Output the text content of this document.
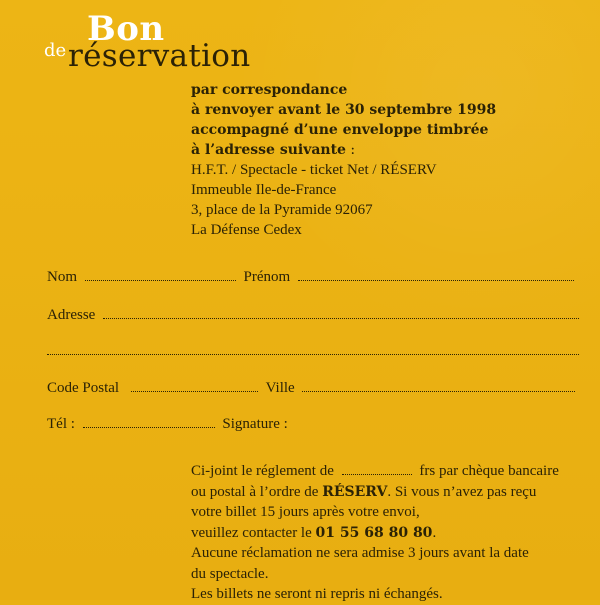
Bon
de réservation
par correspondance
à renvoyer avant le 30 septembre 1998
accompagné d’une enveloppe timbrée
à l’adresse suivante :
H.F.T. / Spectacle - ticket Net / RÉSERV
Immeuble Ile-de-France
3, place de la Pyramide 92067
La Défense Cedex
Nom	Prénom
Adresse
Code Postal	Ville
Tél :	Signature :

Ci-joint le réglement de	frs par chèque bancaire

ou postal à l’ordre de RÉSERV. Si vous n’avez pas reçu

votre billet 15 jours après votre envoi,

veuillez contacter le 01 55 68 80 80.

Aucune réclamation ne sera admise 3 jours avant la date

du spectacle.

Les billets ne seront ni repris ni échangés.
